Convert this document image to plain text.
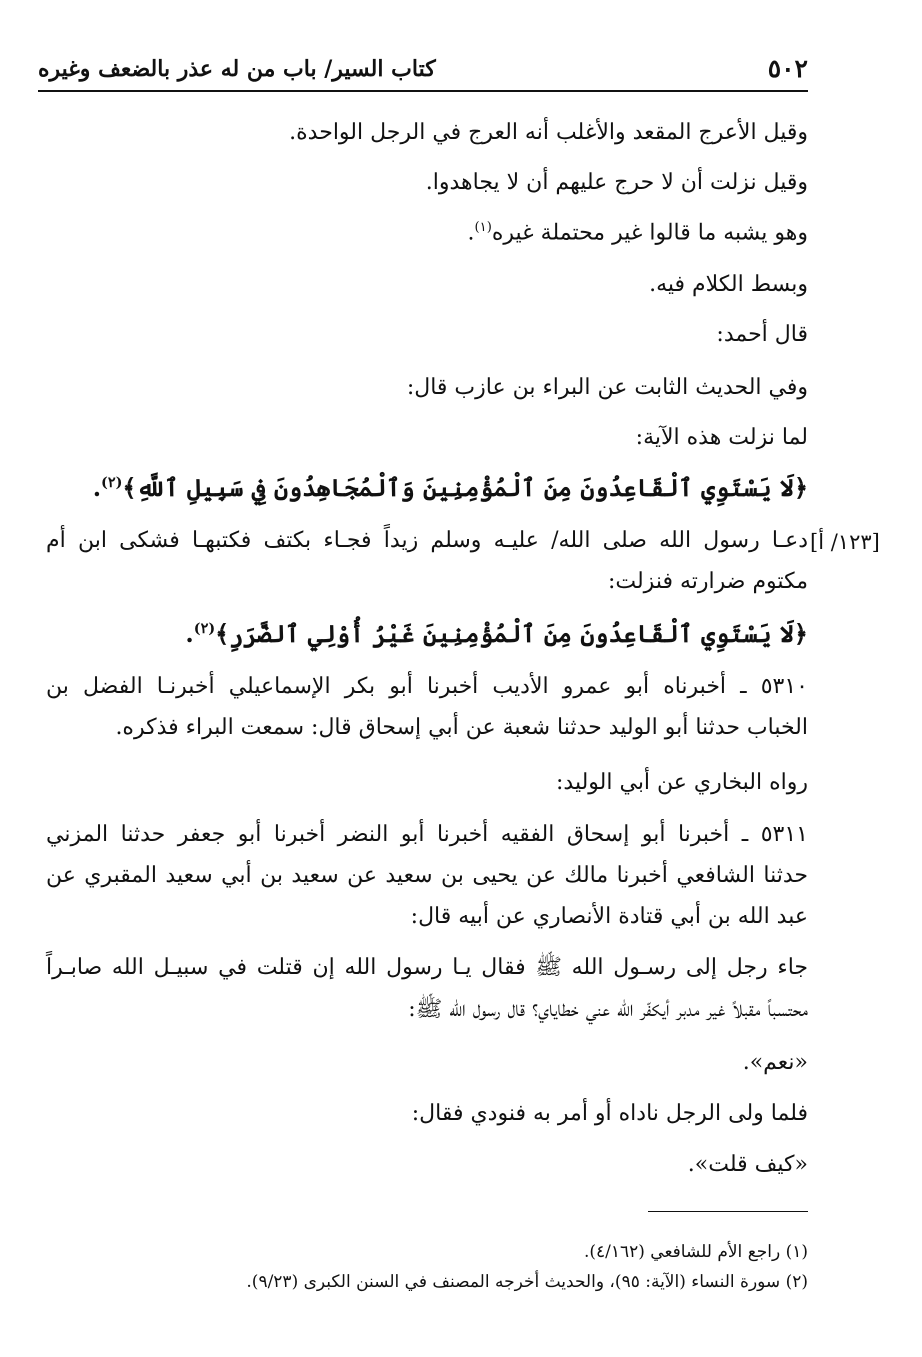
٥٠٢
كتاب السير/ باب من له عذر بالضعف وغيره
وقيل الأعرج المقعد والأغلب أنه العرج في الرجل الواحدة.
وقيل نزلت أن لا حرج عليهم أن لا يجاهدوا.
وهو يشبه ما قالوا غير محتملة غيره$^{(١)}$.
وبسط الكلام فيه.
قال أحمد:
وفي الحديث الثابت عن البراء بن عازب قال:
لما نزلت هذه الآية:
﴿لَا يَسْتَوِي ٱلْقَاعِدُونَ مِنَ ٱلْمُؤْمِنِينَ وَٱلْمُجَاهِدُونَ فِي سَبِيلِ ٱللَّهِ﴾$^{(٢)}$.
دعـا رسول الله صلى الله/ عليـه وسلم زيداً فجـاء بكتف فكتبهـا فشكى ابن أم
مكتوم ضرارته فنزلت:
[١٢٣/ أ]
﴿لَا يَسْتَوِي ٱلْقَاعِدُونَ مِنَ ٱلْمُؤْمِنِينَ غَيْرُ أُوْلِي ٱلضَّرَرِ﴾$^{(٢)}$.
٥٣١٠ ـ أخبرناه أبو عمرو الأديب أخبرنا أبو بكر الإسماعيلي أخبرنـا الفضل بن
الخباب حدثنا أبو الوليد حدثنا شعبة عن أبي إسحاق قال: سمعت البراء فذكره.
رواه البخاري عن أبي الوليد:
٥٣١١ ـ أخبرنا أبو إسحاق الفقيه أخبرنا أبو النضر أخبرنا أبو جعفر حدثنا المزني
حدثنا الشافعي أخبرنا مالك عن يحيى بن سعيد عن سعيد بن أبي سعيد المقبري عن
عبد الله بن أبي قتادة الأنصاري عن أبيه قال:
جاء رجل إلى رسـول الله ﷺ فقال يـا رسول الله إن قتلت في سبيـل الله صابـراً
محتسباً مقبلاً غير مدبر أيكفّر الله عني خطاياي؟ قال رسول الله ﷺ:
«نعم».
فلما ولى الرجل ناداه أو أمر به فنودي فقال:
«كيف قلت».
(١) راجع الأم للشافعي (٤/١٦٢).
(٢) سورة النساء (الآية: ٩٥)، والحديث أخرجه المصنف في السنن الكبرى (٩/٢٣).
